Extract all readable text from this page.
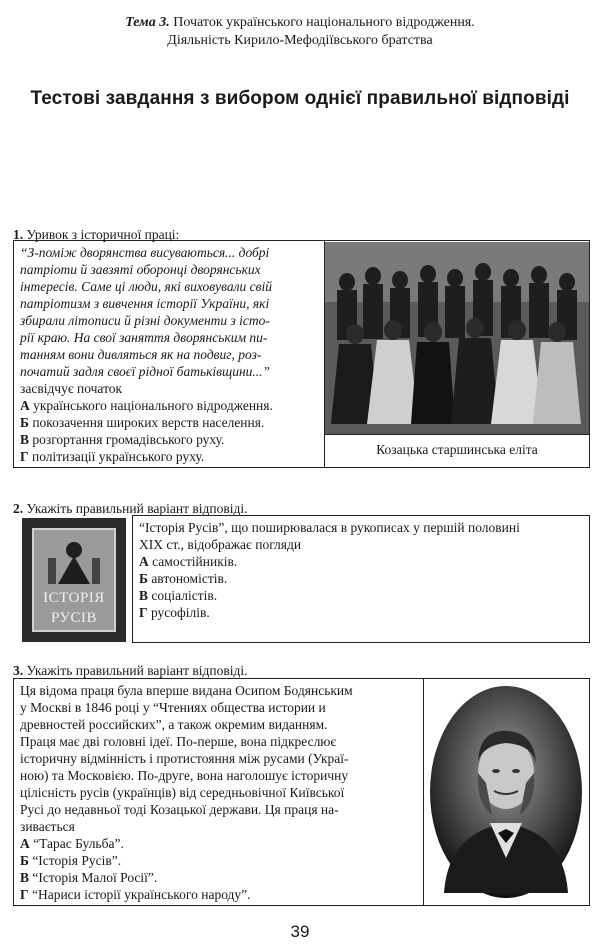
Тема 3. Початок українського національного відродження.
Діяльність Кирило-Мефодіївського братства
Тестові завдання з вибором однієї правильної відповіді
1. Уривок з історичної праці:
“З-поміж дворянства висуваються... добрі
патріоти й завзяті оборонці дворянських
інтересів. Саме ці люди, які виховували свій
патріотизм з вивчення історії України, які
збирали літописи й різні документи з істо-
рії краю. На свої заняття дворянським пи-
танням вони дивляться як на подвиг, роз-
початий задля своєї рідної батьківщини...”
засвідчує початок
А українського національного відродження.
Б покозачення широких верств населення.
В розгортання громадівського руху.
Г політизації українського руху.	Козацька старшинська еліта
2. Укажіть правильний варіант відповіді.
ІСТОРІЯ
РУСІВ
“Історія Русів”, що поширювалася в рукописах у першій половині
XIX ст., відображає погляди
А самостійників.
Б автономістів.
В соціалістів.
Г русофілів.
3. Укажіть правильний варіант відповіді.
Ця відома праця була вперше видана Осипом Бодянським
у Москві в 1846 році у “Чтениях общества истории и
древностей российских”, а також окремим виданням.
Праця має дві головні ідеї. По-перше, вона підкреслює
історичну відмінність і протистояння між русами (Украї-
ною) та Московією. По-друге, вона наголошує історичну
цілісність русів (українців) від середньовічної Київської
Русі до недавньої тоді Козацької держави. Ця праця на-
зивається
А “Тарас Бульба”.
Б “Історія Русів”.
В “Історія Малої Росії”.
Г “Нариси історії українського народу”.
39
